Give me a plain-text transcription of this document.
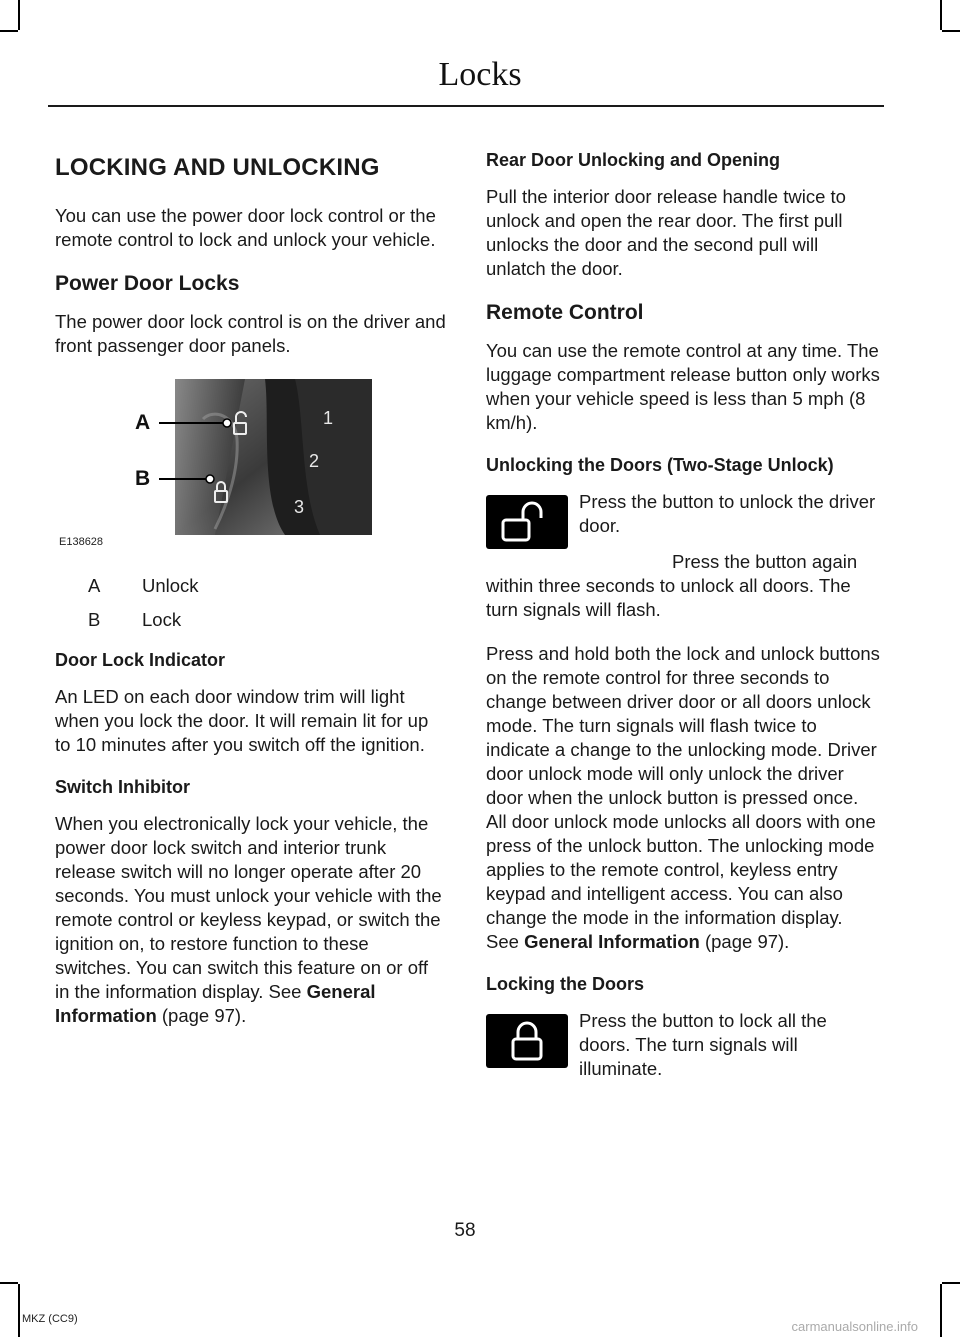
Locks
LOCKING AND UNLOCKING

You can use the power door lock control or the remote control to lock and unlock your vehicle.

Power Door Locks

The power door lock control is on the driver and front passenger door panels.

1
2
3
A
B
E138628
A	Unlock
B	Lock
Door Lock Indicator

An LED on each door window trim will light when you lock the door. It will remain lit for up to 10 minutes after you switch off the ignition.

Switch Inhibitor

When you electronically lock your vehicle, the power door lock switch and interior trunk release switch will no longer operate after 20 seconds. You must unlock your vehicle with the remote control or keyless keypad, or switch the ignition on, to restore function to these switches. You can switch this feature on or off in the information display. See General Information (page 97).

Rear Door Unlocking and Opening

Pull the interior door release handle twice to unlock and open the rear door. The first pull unlocks the door and the second pull will unlatch the door.

Remote Control

You can use the remote control at any time. The luggage compartment release button only works when your vehicle speed is less than 5 mph (8 km/h).

Unlocking the Doors (Two-Stage Unlock)

Press the button to unlock the driver door.

Press the button again within three seconds to unlock all doors. The turn signals will flash.

Press and hold both the lock and unlock buttons on the remote control for three seconds to change between driver door or all doors unlock mode. The turn signals will flash twice to indicate a change to the unlocking mode. Driver door unlock mode will only unlock the driver door when the unlock button is pressed once. All door unlock mode unlocks all doors with one press of the unlock button. The unlocking mode applies to the remote control, keyless entry keypad and intelligent access. You can also change the mode in the information display. See General Information (page 97).

Locking the Doors

Press the button to lock all the doors. The turn signals will illuminate.

58
MKZ (CC9)	carmanualsonline.info
